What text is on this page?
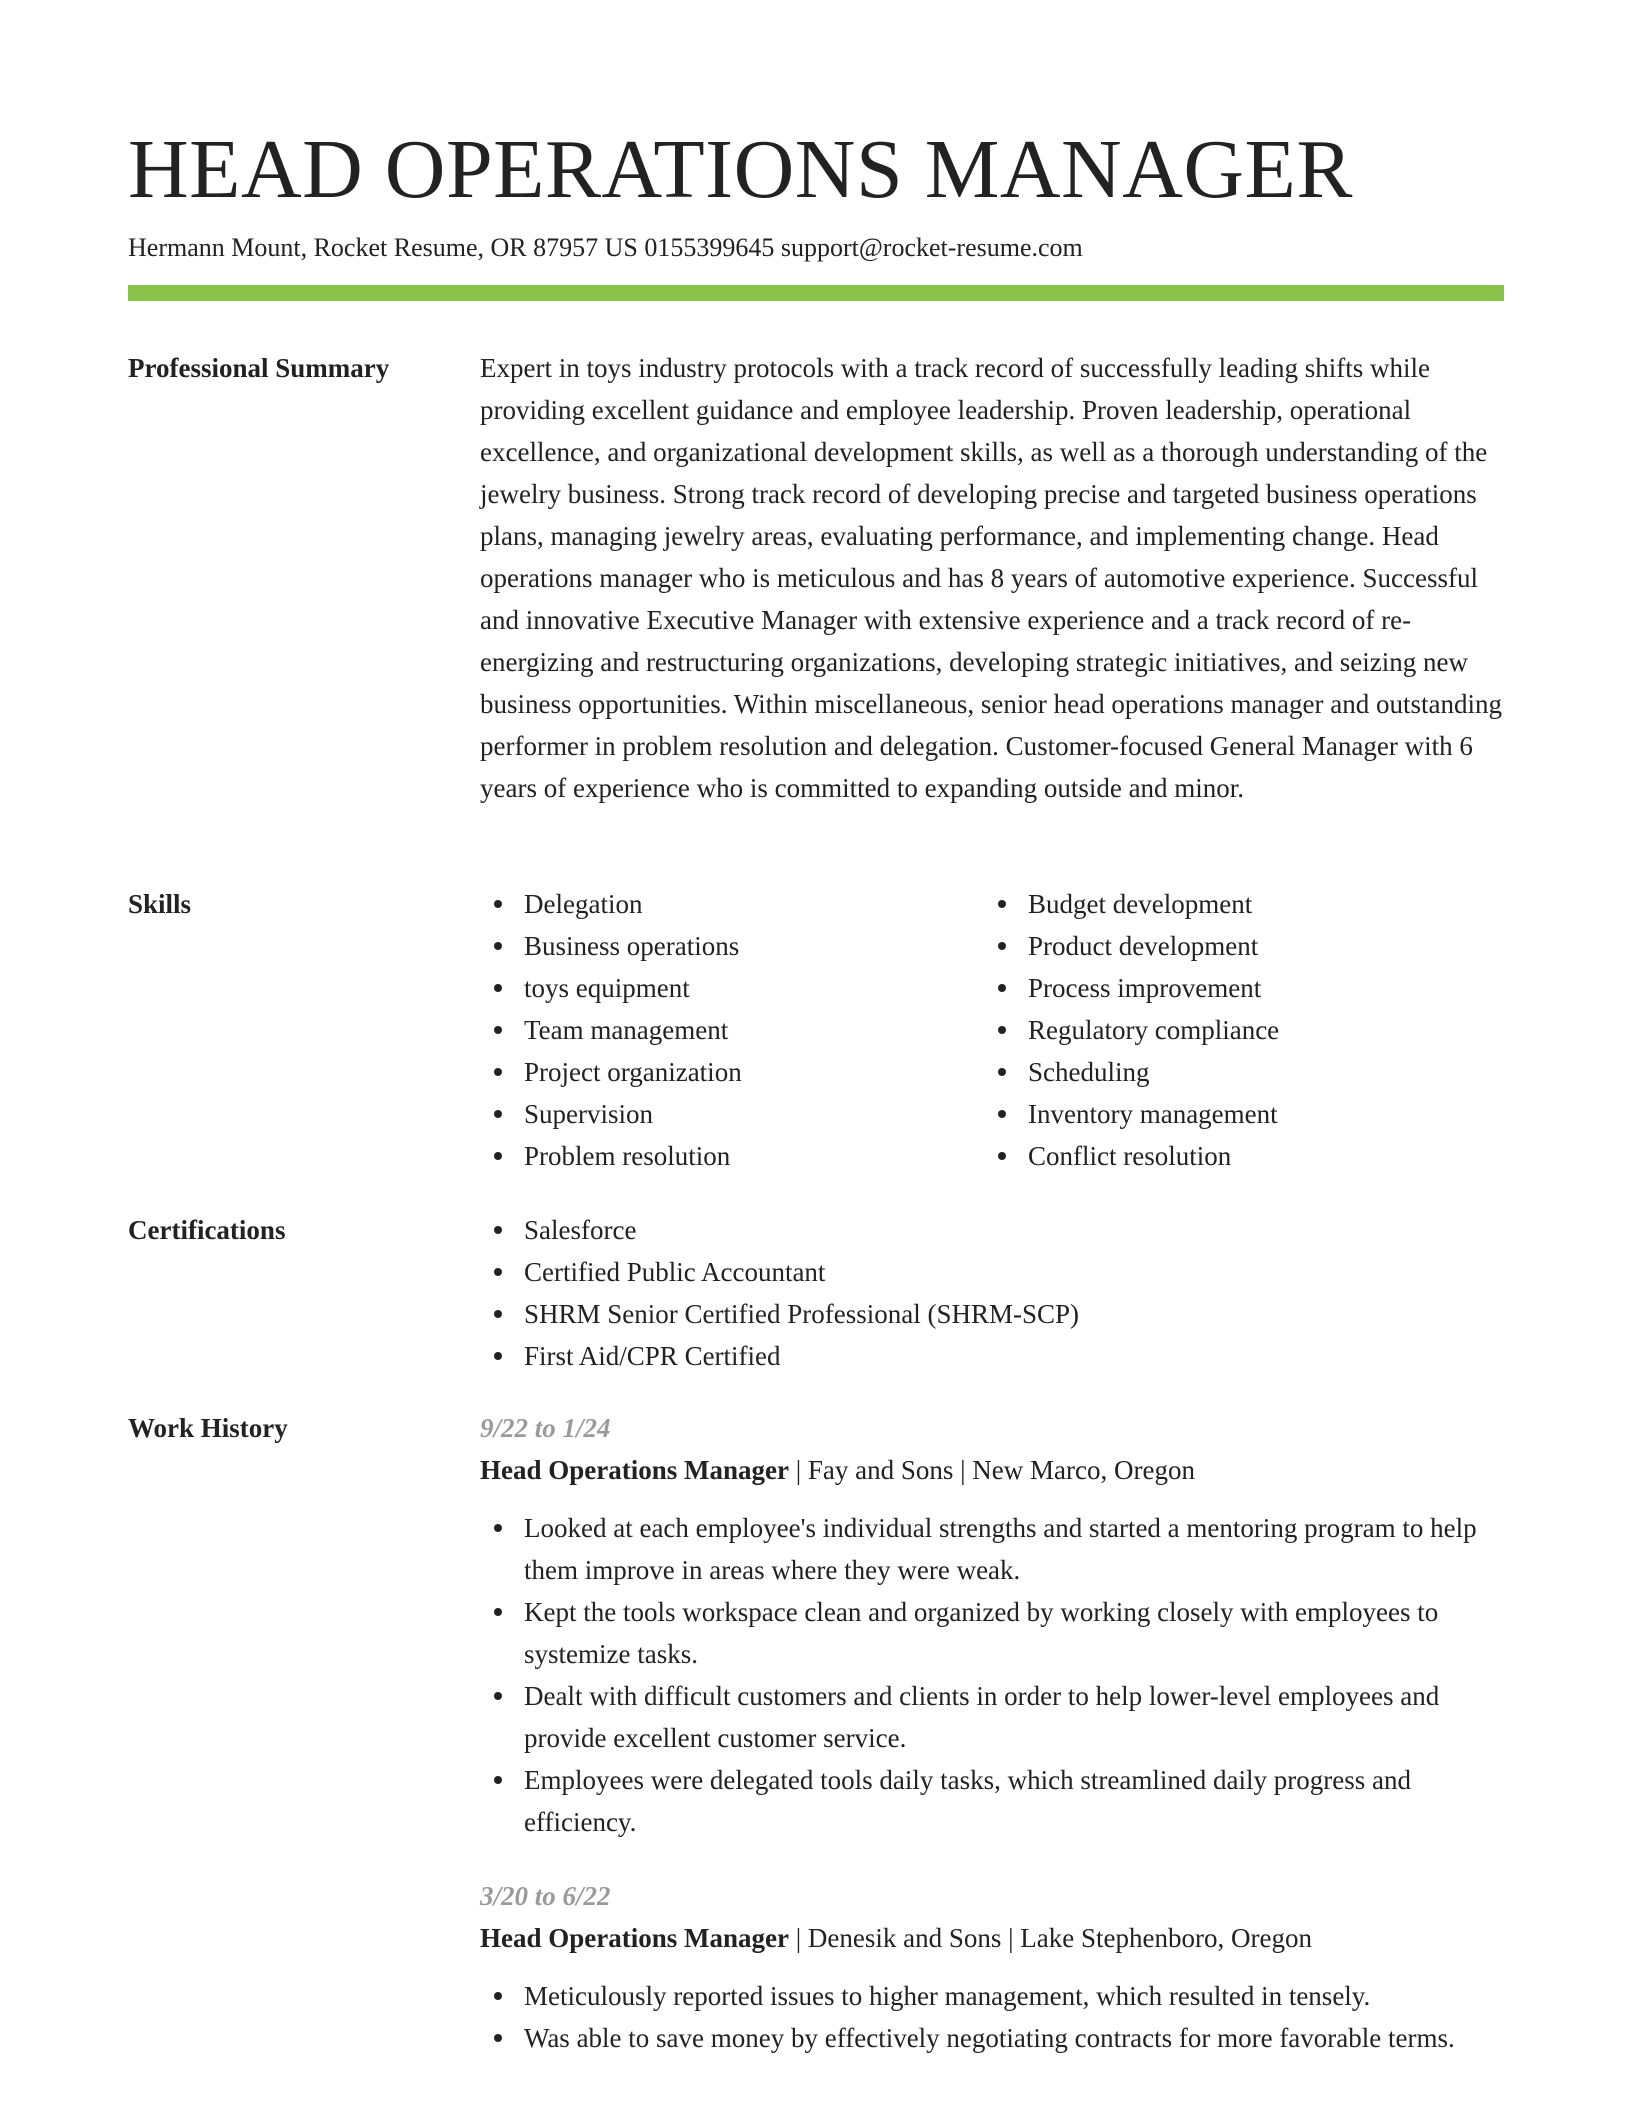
HEAD OPERATIONS MANAGER
Hermann Mount, Rocket Resume, OR 87957 US 0155399645 support@rocket-resume.com
Professional Summary	Expert in toys industry protocols with a track record of successfully leading shifts while providing excellent guidance and employee leadership. Proven leadership, operational excellence, and organizational development skills, as well as a thorough understanding of the jewelry business. Strong track record of developing precise and targeted business operations plans, managing jewelry areas, evaluating performance, and implementing change. Head operations manager who is meticulous and has 8 years of automotive experience. Successful and innovative Executive Manager with extensive experience and a track record of re-energizing and restructuring organizations, developing strategic initiatives, and seizing new business opportunities. Within miscellaneous, senior head operations manager and outstanding performer in problem resolution and delegation. Customer-focused General Manager with 6 years of experience who is committed to expanding outside and minor.
Skills	Delegation
Business operations
toys equipment
Team management
Project organization
Supervision
Problem resolution
Budget development
Product development
Process improvement
Regulatory compliance
Scheduling
Inventory management
Conflict resolution
Certifications	Salesforce
Certified Public Accountant
SHRM Senior Certified Professional (SHRM-SCP)
First Aid/CPR Certified
Work History	9/22 to 1/24
Head Operations Manager | Fay and Sons | New Marco, Oregon
Looked at each employee's individual strengths and started a mentoring program to help them improve in areas where they were weak.
Kept the tools workspace clean and organized by working closely with employees to systemize tasks.
Dealt with difficult customers and clients in order to help lower-level employees and provide excellent customer service.
Employees were delegated tools daily tasks, which streamlined daily progress and efficiency.
3/20 to 6/22
Head Operations Manager | Denesik and Sons | Lake Stephenboro, Oregon
Meticulously reported issues to higher management, which resulted in tensely.
Was able to save money by effectively negotiating contracts for more favorable terms.
